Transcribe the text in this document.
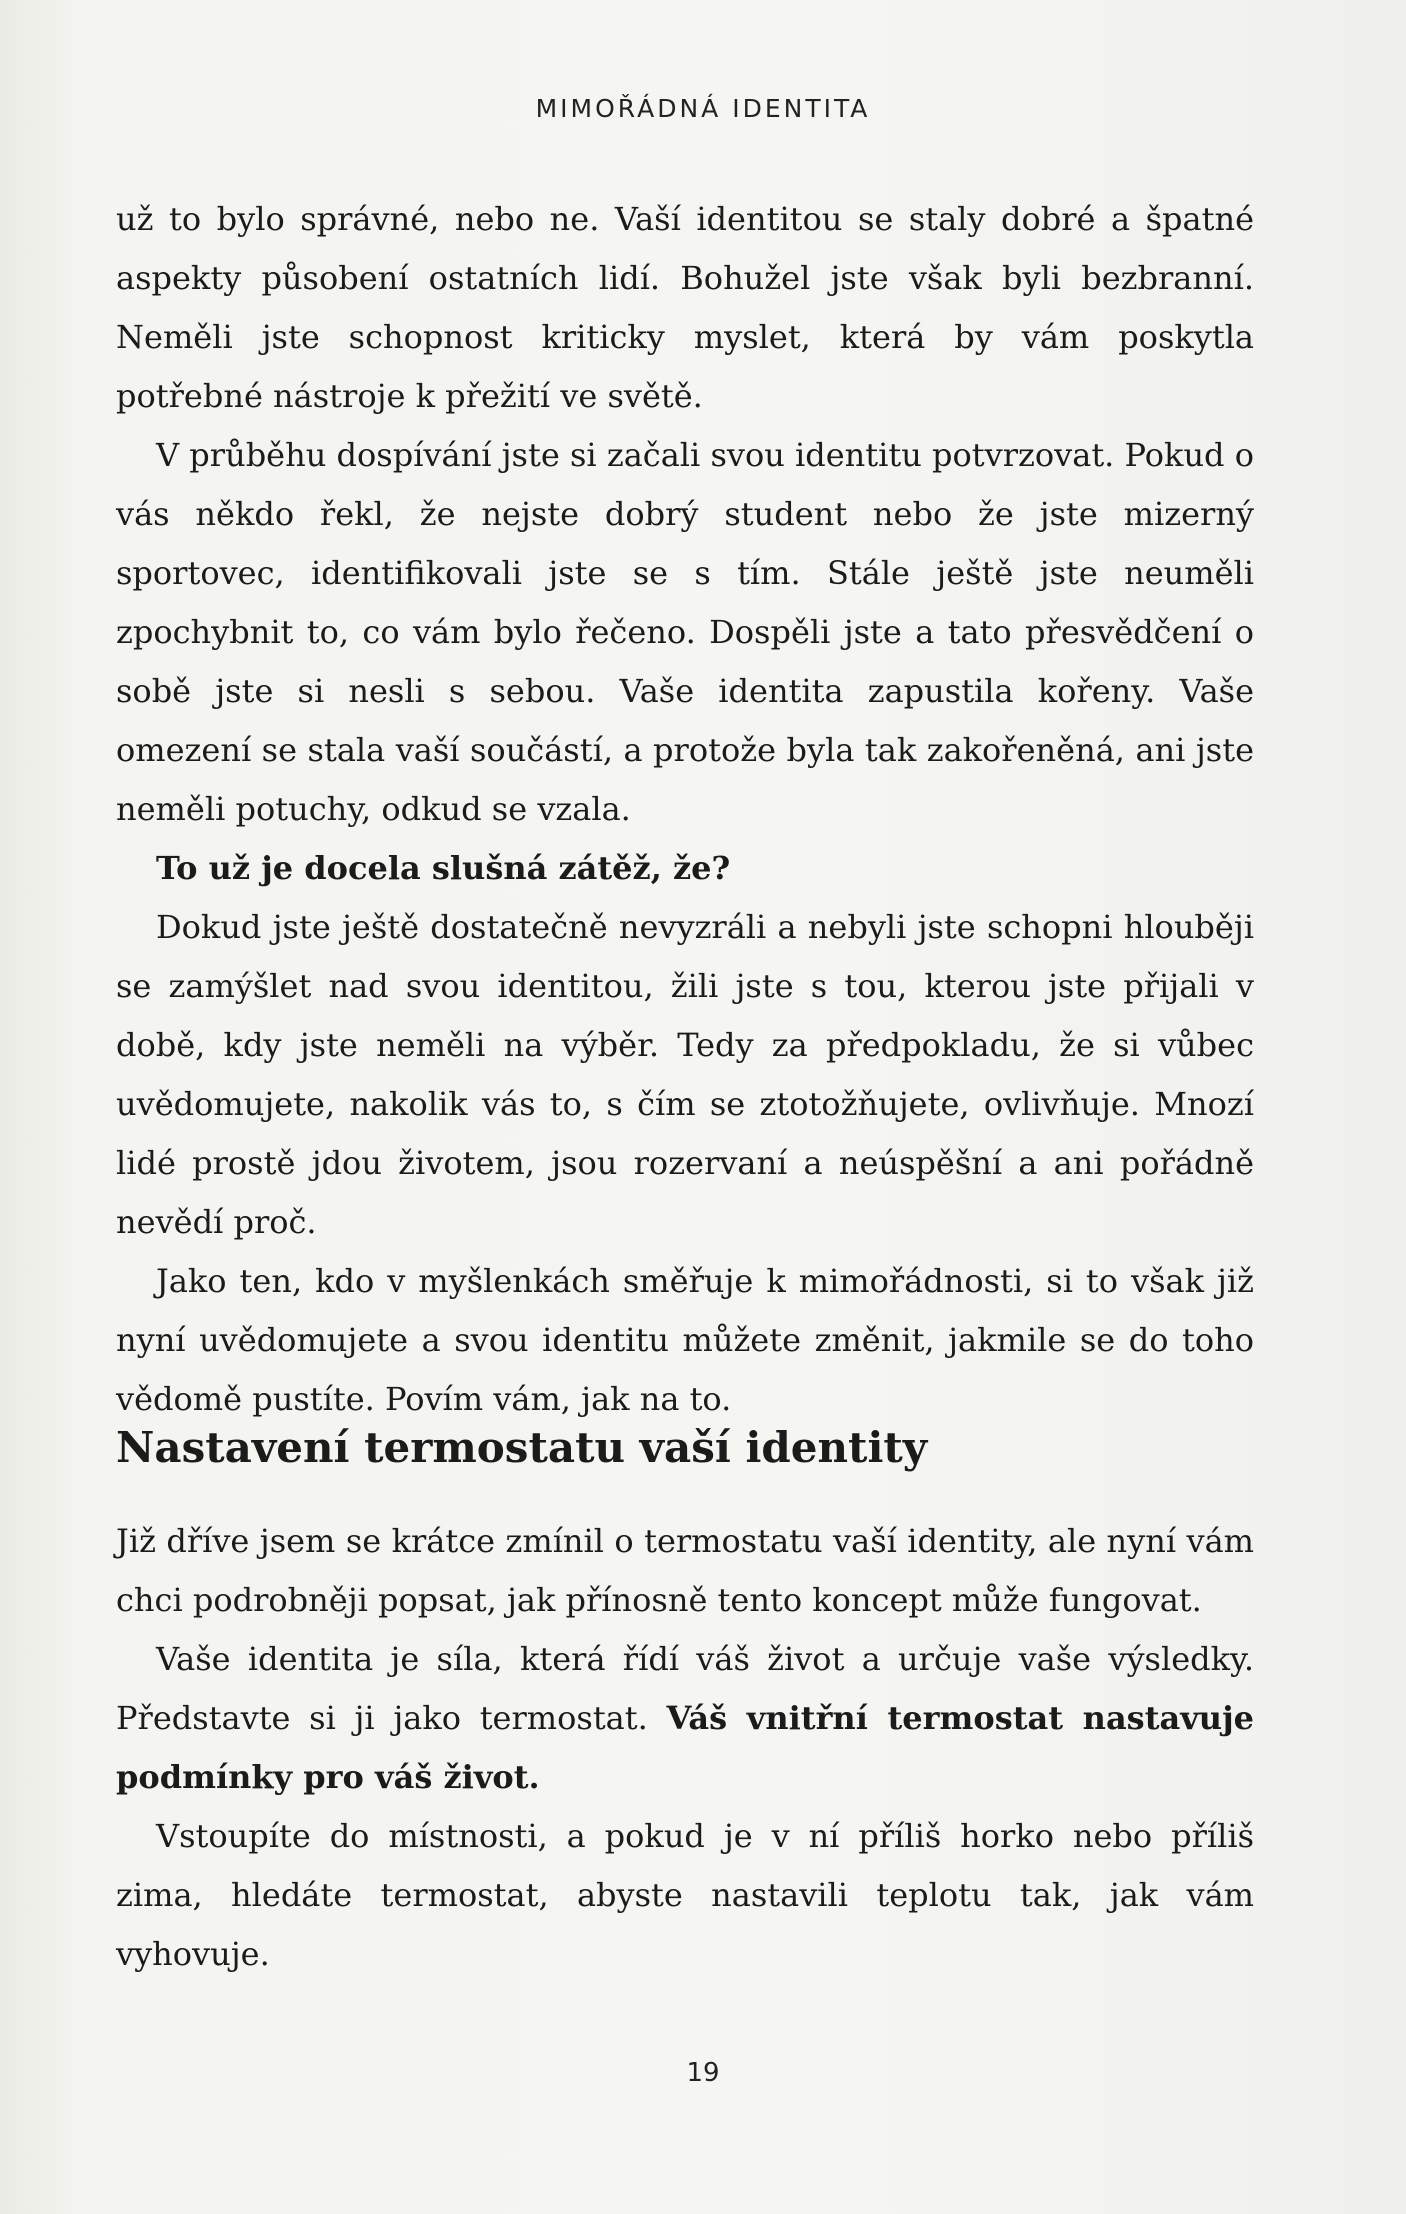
MIMOŘÁDNÁ IDENTITA

už to bylo správné, nebo ne. Vaší identitou se staly dobré a špatné aspekty působení ostatních lidí. Bohužel jste však byli bezbranní. Neměli jste schopnost kriticky myslet, která by vám poskytla potřebné nástroje k přežití ve světě.

V průběhu dospívání jste si začali svou identitu potvrzovat. Pokud o vás někdo řekl, že nejste dobrý student nebo že jste mizerný sportovec, identifikovali jste se s tím. Stále ještě jste neuměli zpochybnit to, co vám bylo řečeno. Dospěli jste a tato přesvědčení o sobě jste si nesli s sebou. Vaše identita zapustila kořeny. Vaše omezení se stala vaší součástí, a protože byla tak zakořeněná, ani jste neměli potuchy, odkud se vzala.

To už je docela slušná zátěž, že?

Dokud jste ještě dostatečně nevyzráli a nebyli jste schopni hlouběji se zamýšlet nad svou identitou, žili jste s tou, kterou jste přijali v době, kdy jste neměli na výběr. Tedy za předpokladu, že si vůbec uvědomujete, nakolik vás to, s čím se ztotožňujete, ovlivňuje. Mnozí lidé prostě jdou životem, jsou rozervaní a neúspěšní a ani pořádně nevědí proč.

Jako ten, kdo v myšlenkách směřuje k mimořádnosti, si to však již nyní uvědomujete a svou identitu můžete změnit, jakmile se do toho vědomě pustíte. Povím vám, jak na to.

Nastavení termostatu vaší identity

Již dříve jsem se krátce zmínil o termostatu vaší identity, ale nyní vám chci podrobněji popsat, jak přínosně tento koncept může fungovat.

Vaše identita je síla, která řídí váš život a určuje vaše výsledky. Představte si ji jako termostat. Váš vnitřní termostat nastavuje podmínky pro váš život.

Vstoupíte do místnosti, a pokud je v ní příliš horko nebo příliš zima, hledáte termostat, abyste nastavili teplotu tak, jak vám vyhovuje.

19
